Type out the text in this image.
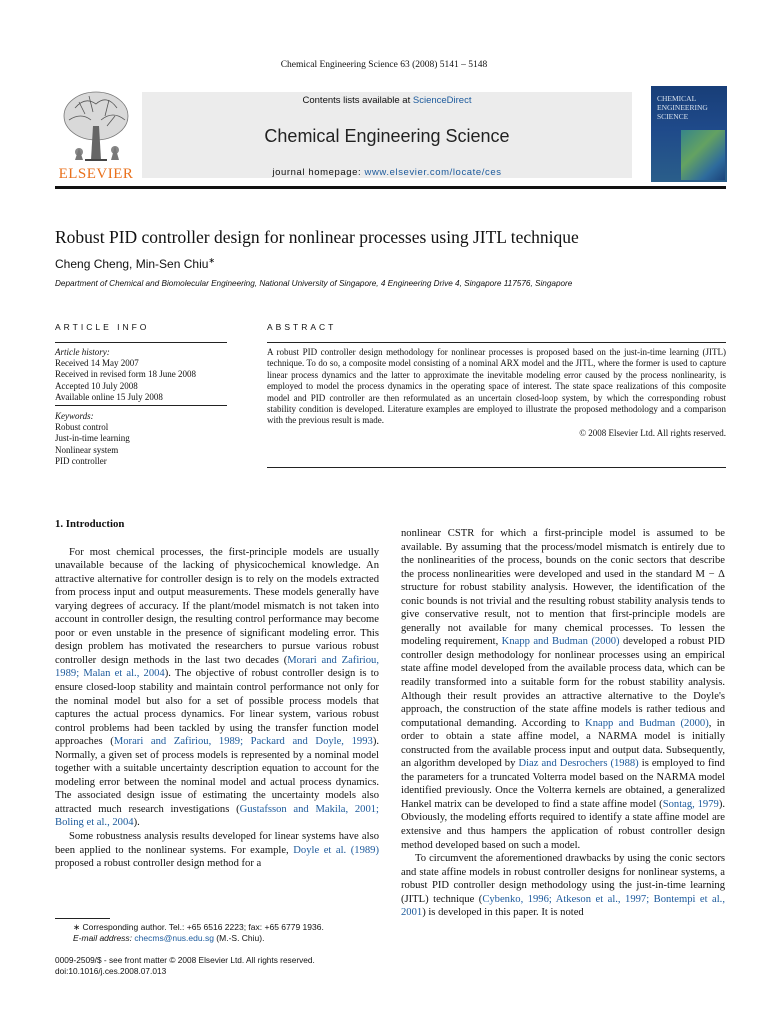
Chemical Engineering Science 63 (2008) 5141 – 5148
ELSEVIER
Contents lists available at ScienceDirect
Chemical Engineering Science
journal homepage: www.elsevier.com/locate/ces
CHEMICAL
ENGINEERING
SCIENCE
Robust PID controller design for nonlinear processes using JITL technique
Cheng Cheng, Min-Sen Chiu∗
Department of Chemical and Biomolecular Engineering, National University of Singapore, 4 Engineering Drive 4, Singapore 117576, Singapore
ARTICLE INFO
Article history:
Received 14 May 2007
Received in revised form 18 June 2008
Accepted 10 July 2008
Available online 15 July 2008
Keywords:
Robust control
Just-in-time learning
Nonlinear system
PID controller
ABSTRACT
A robust PID controller design methodology for nonlinear processes is proposed based on the just-in-time learning (JITL) technique. To do so, a composite model consisting of a nominal ARX model and the JITL, where the former is used to capture linear process dynamics and the latter to approximate the inevitable modeling error caused by the process nonlinearity, is employed to model the process dynamics in the operating space of interest. The state space realizations of this composite model and PID controller are then reformulated as an uncertain closed-loop system, by which the corresponding robust stability condition is developed. Literature examples are employed to illustrate the proposed methodology and a comparison with the previous result is made.
© 2008 Elsevier Ltd. All rights reserved.
1. Introduction

For most chemical processes, the first-principle models are usually unavailable because of the lacking of physicochemical knowledge. An attractive alternative for controller design is to rely on the models extracted from process input and output measurements. These models generally have varying degrees of accuracy. If the plant/model mismatch is not taken into account in controller design, the resulting control performance may become poor or even unstable in the presence of significant modeling error. This design problem has motivated the researchers to pursue various robust controller design methods in the last two decades (Morari and Zafiriou, 1989; Malan et al., 2004). The objective of robust controller design is to ensure closed-loop stability and maintain control performance not only for the nominal model but also for a set of possible process models that captures the actual process dynamics. For linear system, various robust control problems had been tackled by using the transfer function model approaches (Morari and Zafiriou, 1989; Packard and Doyle, 1993). Normally, a given set of process models is represented by a nominal model together with a suitable uncertainty description equation to account for the modeling error between the nominal model and actual process dynamics. The associated design issue of estimating the uncertainty models also attracted much research investigations (Gustafsson and Makila, 2001; Boling et al., 2004).

Some robustness analysis results developed for linear systems have also been applied to the nonlinear systems. For example, Doyle et al. (1989) proposed a robust controller design method for a

nonlinear CSTR for which a first-principle model is assumed to be available. By assuming that the process/model mismatch is entirely due to the nonlinearities of the process, bounds on the conic sectors that describe the process nonlinearities were developed and used in the standard M − Δ structure for robust stability analysis. However, the identification of the conic bounds is not trivial and the resulting robust stability analysis tends to give conservative result, not to mention that first-principle models are generally not available for many chemical processes. To lessen the modeling requirement, Knapp and Budman (2000) developed a robust PID controller design methodology for nonlinear processes using an empirical state affine model developed from the available process data, which can be readily transformed into a suitable form for the robust stability analysis. Although their result provides an attractive alternative to the Doyle's approach, the construction of the state affine models is rather tedious and computational demanding. According to Knapp and Budman (2000), in order to obtain a state affine model, a NARMA model is initially constructed from the available process input and output data. Subsequently, an algorithm developed by Diaz and Desrochers (1988) is employed to find the parameters for a truncated Volterra model based on the NARMA model identified previously. Once the Volterra kernels are obtained, a generalized Hankel matrix can be developed to find a state affine model (Sontag, 1979). Obviously, the modeling efforts required to identify a state affine model are extensive and thus hampers the application of robust controller design method developed based on such a model.

To circumvent the aforementioned drawbacks by using the conic sectors and state affine models in robust controller designs for nonlinear systems, a robust PID controller design methodology using the just-in-time learning (JITL) technique (Cybenko, 1996; Atkeson et al., 1997; Bontempi et al., 2001) is developed in this paper. It is noted

∗ Corresponding author. Tel.: +65 6516 2223; fax: +65 6779 1936.
E-mail address: checms@nus.edu.sg (M.-S. Chiu).
0009-2509/$ - see front matter © 2008 Elsevier Ltd. All rights reserved.
doi:10.1016/j.ces.2008.07.013
